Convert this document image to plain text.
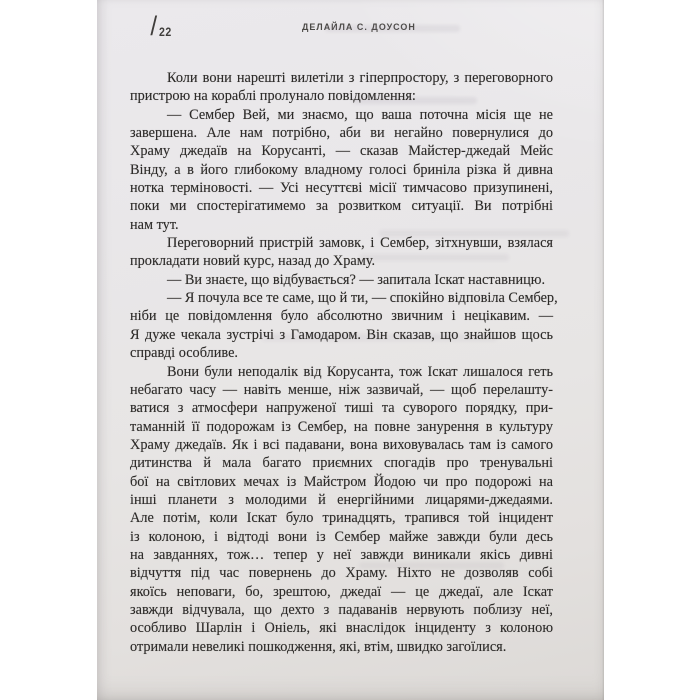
/ 22	ДЕЛАЙЛА С. ДОУСОН
Коли вони нарешті вилетіли з гіперпростору, з переговорного
пристрою на кораблі пролунало повідомлення:
— Сембер Вей, ми знаємо, що ваша поточна місія ще не
завершена. Але нам потрібно, аби ви негайно повернулися до
Храму джедаїв на Корусанті, — сказав Майстер-джедай Мейс
Вінду, а в його глибокому владному голосі бриніла різка й дивна
нотка терміновості. — Усі несуттєві місії тимчасово призупинені,
поки ми спостерігатимемо за розвитком ситуації. Ви потрібні
нам тут.
Переговорний пристрій замовк, і Сембер, зітхнувши, взялася
прокладати новий курс, назад до Храму.
— Ви знаєте, що відбувається? — запитала Іскат наставницю.
— Я почула все те саме, що й ти, — спокійно відповіла Сембер,
ніби це повідомлення було абсолютно звичним і нецікавим. —
Я дуже чекала зустрічі з Гамодаром. Він сказав, що знайшов щось
справді особливе.
Вони були неподалік від Корусанта, тож Іскат лишалося геть
небагато часу — навіть менше, ніж зазвичай, — щоб перелашту-
ватися з атмосфери напруженої тиші та суворого порядку, при-
таманній її подорожам із Сембер, на повне занурення в культуру
Храму джедаїв. Як і всі падавани, вона виховувалась там із самого
дитинства й мала багато приємних спогадів про тренувальні
бої на світлових мечах із Майстром Йодою чи про подорожі на
інші планети з молодими й енергійними лицарями-джедаями.
Але потім, коли Іскат було тринадцять, трапився той інцидент
із колоною, і відтоді вони із Сембер майже завжди були десь
на завданнях, тож… тепер у неї завжди виникали якісь дивні
відчуття під час повернень до Храму. Ніхто не дозволяв собі
якоїсь неповаги, бо, зрештою, джедаї — це джедаї, але Іскат
завжди відчувала, що дехто з падаванів нервують поблизу неї,
особливо Шарлін і Оніель, які внаслідок інциденту з колоною
отримали невеликі пошкодження, які, втім, швидко загоїлися.
